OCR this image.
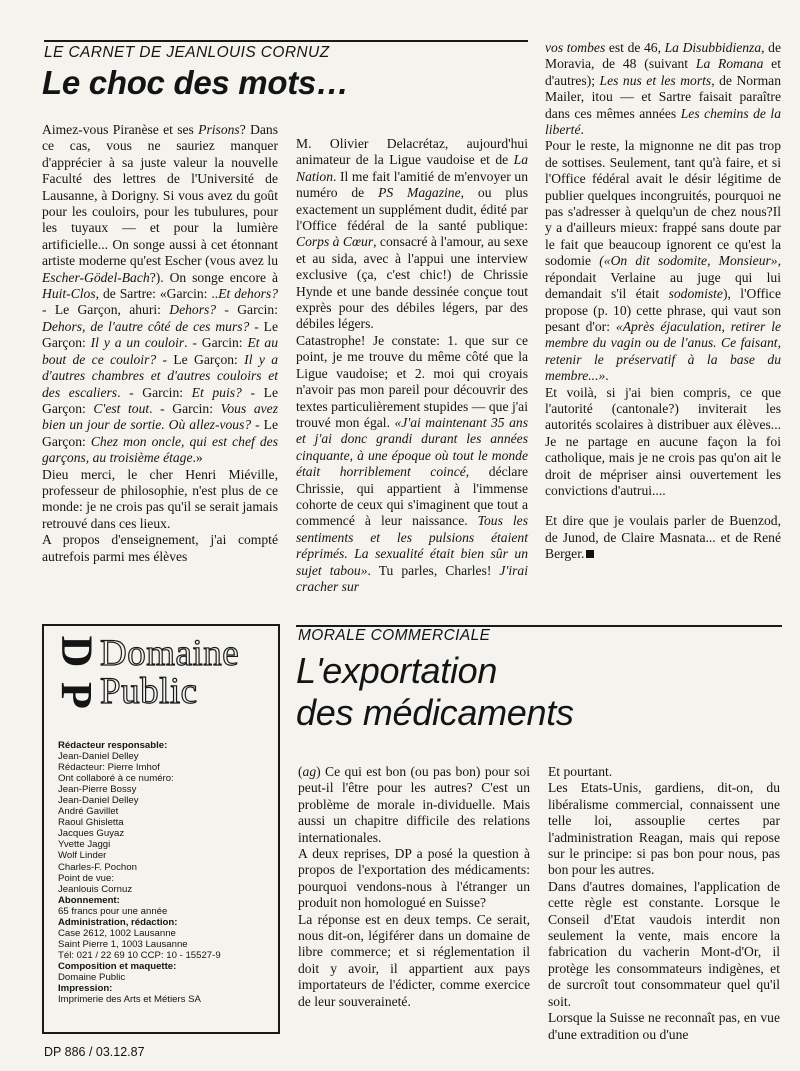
LE CARNET DE JEANLOUIS CORNUZ
Le choc des mots…

Aimez-vous Piranèse et ses Prisons? Dans ce cas, vous ne sauriez manquer d'apprécier à sa juste valeur la nouvelle Faculté des lettres de l'Université de Lausanne, à Dorigny. Si vous avez du goût pour les couloirs, pour les tubulures, pour les tuyaux — et pour la lumière artificielle... On songe aussi à cet étonnant artiste moderne qu'est Escher (vous avez lu Escher-Gödel-Bach?). On songe encore à Huit-Clos, de Sartre: «Garcin: ..Et dehors? - Le Garçon, ahuri: Dehors? - Garcin: Dehors, de l'autre côté de ces murs? - Le Garçon: Il y a un couloir. - Garcin: Et au bout de ce couloir? - Le Garçon: Il y a d'autres chambres et d'autres couloirs et des escaliers. - Garcin: Et puis? - Le Garçon: C'est tout. - Garcin: Vous avez bien un jour de sortie. Où allez-vous? - Le Garçon: Chez mon oncle, qui est chef des garçons, au troisième étage.»

Dieu merci, le cher Henri Miéville, professeur de philosophie, n'est plus de ce monde: je ne crois pas qu'il se serait jamais retrouvé dans ces lieux.

A propos d'enseignement, j'ai compté autrefois parmi mes élèves

M. Olivier Delacrétaz, aujourd'hui animateur de la Ligue vaudoise et de La Nation. Il me fait l'amitié de m'envoyer un numéro de PS Magazine, ou plus exactement un supplément dudit, édité par l'Office fédéral de la santé publique: Corps à Cœur, consacré à l'amour, au sexe et au sida, avec à l'appui une interview exclusive (ça, c'est chic!) de Chrissie Hynde et une bande dessinée conçue tout exprès pour des débiles légers, par des débiles légers.

Catastrophe! Je constate: 1. que sur ce point, je me trouve du même côté que la Ligue vaudoise; et 2. moi qui croyais n'avoir pas mon pareil pour découvrir des textes particulièrement stupides — que j'ai trouvé mon égal. «J'ai maintenant 35 ans et j'ai donc grandi durant les années cinquante, à une époque où tout le monde était horriblement coincé, déclare Chrissie, qui appartient à l'immense cohorte de ceux qui s'imaginent que tout a commencé à leur naissance. Tous les sentiments et les pulsions étaient réprimés. La sexualité était bien sûr un sujet tabou». Tu parles, Charles! J'irai cracher sur

vos tombes est de 46, La Disubbidienza, de Moravia, de 48 (suivant La Romana et d'autres); Les nus et les morts, de Norman Mailer, itou — et Sartre faisait paraître dans ces mêmes années Les chemins de la liberté.

Pour le reste, la mignonne ne dit pas trop de sottises. Seulement, tant qu'à faire, et si l'Office fédéral avait le désir légitime de publier quelques incongruités, pourquoi ne pas s'adresser à quelqu'un de chez nous?Il y a d'ailleurs mieux: frappé sans doute par le fait que beaucoup ignorent ce qu'est la sodomie («On dit sodomite, Monsieur», répondait Verlaine au juge qui lui demandait s'il était sodomiste), l'Office propose (p. 10) cette phrase, qui vaut son pesant d'or: «Après éjaculation, retirer le membre du vagin ou de l'anus. Ce faisant, retenir le préservatif à la base du membre...».

Et voilà, si j'ai bien compris, ce que l'autorité (cantonale?) inviterait les autorités scolaires à distribuer aux élèves... Je ne partage en aucune façon la foi catholique, mais je ne crois pas qu'on ait le droit de mépriser ainsi ouvertement les convictions d'autrui....

Et dire que je voulais parler de Buenzod, de Junod, de Claire Masnata... et de René Berger.

D
P
Domaine
Public
Rédacteur responsable:
Jean-Daniel Delley
Rédacteur: Pierre Imhof
Ont collaboré à ce numéro:
Jean-Pierre Bossy
Jean-Daniel Delley
André Gavillet
Raoul Ghisletta
Jacques Guyaz
Yvette Jaggi
Wolf Linder
Charles-F. Pochon
Point de vue:
Jeanlouis Cornuz
Abonnement:
65 francs pour une année
Administration, rédaction:
Case 2612, 1002 Lausanne
Saint Pierre 1, 1003 Lausanne
Tél: 021 / 22 69 10 CCP: 10 - 15527-9
Composition et maquette:
Domaine Public
Impression:
Imprimerie des Arts et Métiers SA
MORALE COMMERCIALE
L'exportation
des médicaments

(ag) Ce qui est bon (ou pas bon) pour soi peut-il l'être pour les autres? C'est un problème de morale in-dividuelle. Mais aussi un chapitre difficile des relations internationales.

A deux reprises, DP a posé la question à propos de l'exportation des médicaments: pourquoi vendons-nous à l'étranger un produit non homologué en Suisse?

La réponse est en deux temps. Ce serait, nous dit-on, légiférer dans un domaine de libre commerce; et si réglementation il doit y avoir, il appartient aux pays importateurs de l'édicter, comme exercice de leur souveraineté.

Et pourtant.

Les Etats-Unis, gardiens, dit-on, du libéralisme commercial, connaissent une telle loi, assouplie certes par l'administration Reagan, mais qui repose sur le principe: si pas bon pour nous, pas bon pour les autres.

Dans d'autres domaines, l'application de cette règle est constante. Lorsque le Conseil d'Etat vaudois interdit non seulement la vente, mais encore la fabrication du vacherin Mont-d'Or, il protège les consommateurs indigènes, et de surcroît tout consommateur quel qu'il soit.

Lorsque la Suisse ne reconnaît pas, en vue d'une extradition ou d'une

DP 886 / 03.12.87
